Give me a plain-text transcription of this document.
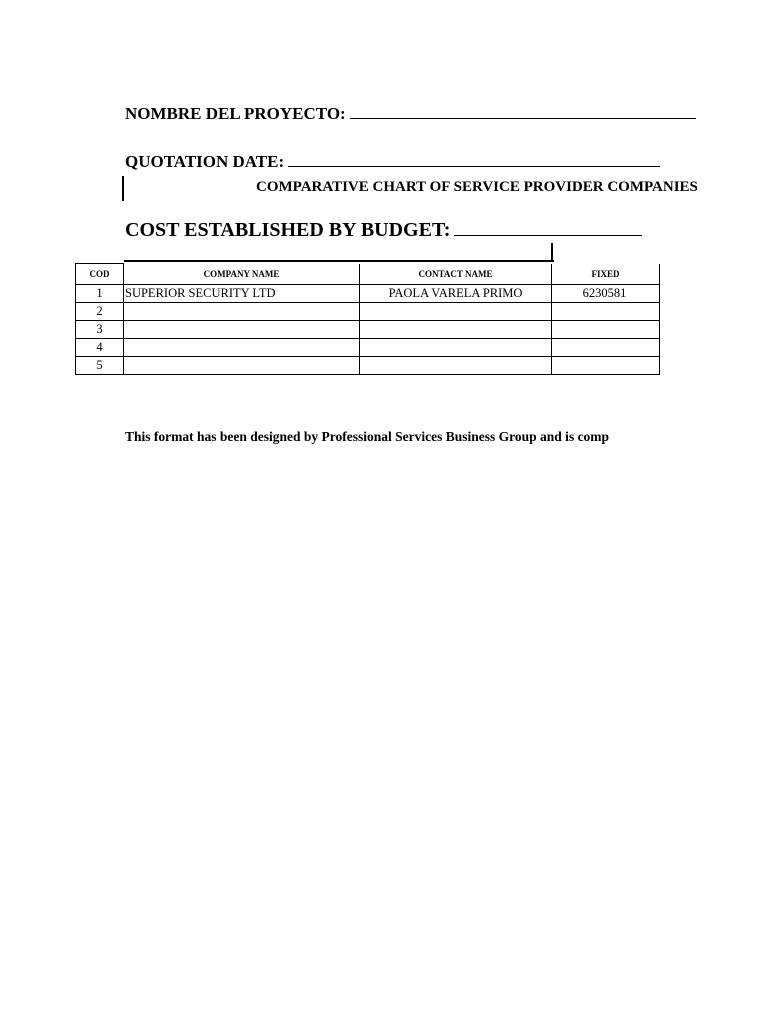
NOMBRE DEL PROYECTO:
QUOTATION DATE:
COMPARATIVE CHART OF SERVICE PROVIDER COMPANIES
COST ESTABLISHED BY BUDGET:
COD	COMPANY NAME	CONTACT NAME	FIXED
1	SUPERIOR SECURITY LTD	PAOLA VARELA PRIMO	6230581
2			
3			
4			
5			
This format has been designed by Professional Services Business Group and is comp
